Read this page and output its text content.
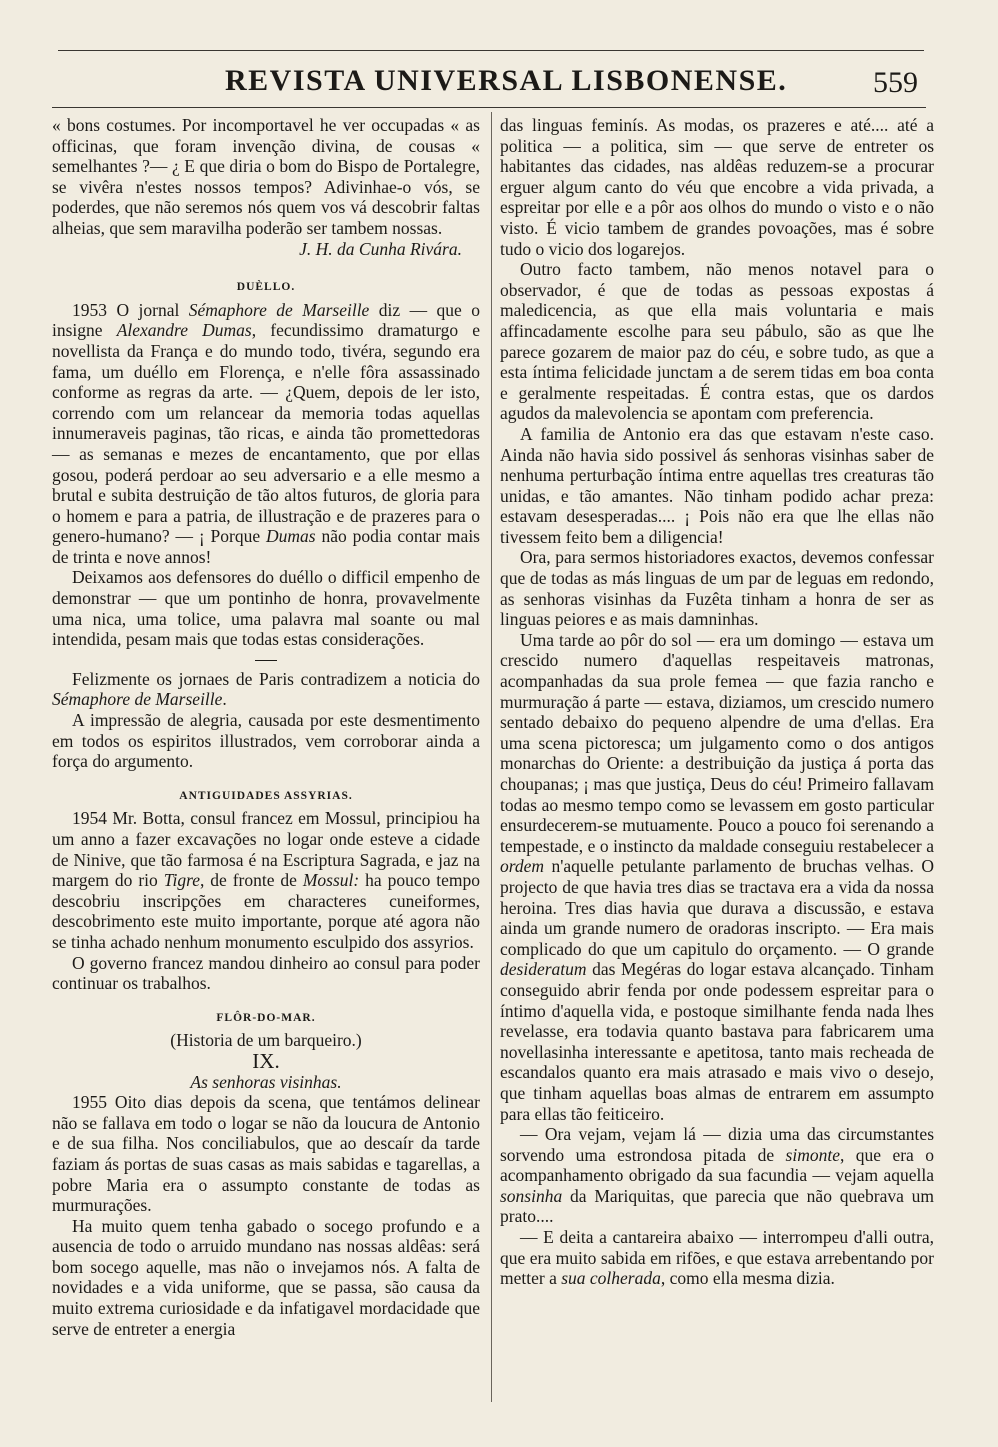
REVISTA UNIVERSAL LISBONENSE.	559

« bons costumes. Por incomportavel he ver occupadas « as officinas, que foram invenção divina, de cousas « semelhantes ?— ¿ E que diria o bom do Bispo de Portalegre, se vivêra n'estes nossos tempos? Adivinhae-o vós, se poderdes, que não seremos nós quem vos vá descobrir faltas alheias, que sem maravilha poderão ser tambem nossas.

J. H. da Cunha Rivára.

DUÈLLO.

1953 O jornal Sémaphore de Marseille diz — que o insigne Alexandre Dumas, fecundissimo dramaturgo e novellista da França e do mundo todo, tivéra, segundo era fama, um duéllo em Florença, e n'elle fôra assassinado conforme as regras da arte. — ¿Quem, depois de ler isto, correndo com um relancear da memoria todas aquellas innumeraveis paginas, tão ricas, e ainda tão promettedoras — as semanas e mezes de encantamento, que por ellas gosou, poderá perdoar ao seu adversario e a elle mesmo a brutal e subita destruição de tão altos futuros, de gloria para o homem e para a patria, de illustração e de prazeres para o genero-humano? — ¡ Porque Dumas não podia contar mais de trinta e nove annos!

Deixamos aos defensores do duéllo o difficil empenho de demonstrar — que um pontinho de honra, provavelmente uma nica, uma tolice, uma palavra mal soante ou mal intendida, pesam mais que todas estas considerações.

Felizmente os jornaes de Paris contradizem a noticia do Sémaphore de Marseille.

A impressão de alegria, causada por este desmentimento em todos os espiritos illustrados, vem corroborar ainda a força do argumento.

ANTIGUIDADES ASSYRIAS.

1954 Mr. Botta, consul francez em Mossul, principiou ha um anno a fazer excavações no logar onde esteve a cidade de Ninive, que tão farmosa é na Escriptura Sagrada, e jaz na margem do rio Tigre, de fronte de Mossul: ha pouco tempo descobriu inscripções em characteres cuneiformes, descobrimento este muito importante, porque até agora não se tinha achado nenhum monumento esculpido dos assyrios.

O governo francez mandou dinheiro ao consul para poder continuar os trabalhos.

FLÔR-DO-MAR.

(Historia de um barqueiro.)

IX.

As senhoras visinhas.

1955 Oito dias depois da scena, que tentámos delinear não se fallava em todo o logar se não da loucura de Antonio e de sua filha. Nos conciliabulos, que ao descaír da tarde faziam ás portas de suas casas as mais sabidas e tagarellas, a pobre Maria era o assumpto constante de todas as murmurações.

Ha muito quem tenha gabado o socego profundo e a ausencia de todo o arruido mundano nas nossas aldêas: será bom socego aquelle, mas não o invejamos nós. A falta de novidades e a vida uniforme, que se passa, são causa da muito extrema curiosidade e da infatigavel mordacidade que serve de entreter a energia

das linguas feminís. As modas, os prazeres e até.... até a politica — a politica, sim — que serve de entreter os habitantes das cidades, nas aldêas reduzem-se a procurar erguer algum canto do véu que encobre a vida privada, a espreitar por elle e a pôr aos olhos do mundo o visto e o não visto. É vicio tambem de grandes povoações, mas é sobre tudo o vicio dos logarejos.

Outro facto tambem, não menos notavel para o observador, é que de todas as pessoas expostas á maledicencia, as que ella mais voluntaria e mais affincadamente escolhe para seu pábulo, são as que lhe parece gozarem de maior paz do céu, e sobre tudo, as que a esta íntima felicidade junctam a de serem tidas em boa conta e geralmente respeitadas. É contra estas, que os dardos agudos da malevolencia se apontam com preferencia.

A familia de Antonio era das que estavam n'este caso. Ainda não havia sido possivel ás senhoras visinhas saber de nenhuma perturbação íntima entre aquellas tres creaturas tão unidas, e tão amantes. Não tinham podido achar preza: estavam desesperadas.... ¡ Pois não era que lhe ellas não tivessem feito bem a diligencia!

Ora, para sermos historiadores exactos, devemos confessar que de todas as más linguas de um par de leguas em redondo, as senhoras visinhas da Fuzêta tinham a honra de ser as linguas peiores e as mais damninhas.

Uma tarde ao pôr do sol — era um domingo — estava um crescido numero d'aquellas respeitaveis matronas, acompanhadas da sua prole femea — que fazia rancho e murmuração á parte — estava, diziamos, um crescido numero sentado debaixo do pequeno alpendre de uma d'ellas. Era uma scena pictoresca; um julgamento como o dos antigos monarchas do Oriente: a destribuição da justiça á porta das choupanas; ¡ mas que justiça, Deus do céu! Primeiro fallavam todas ao mesmo tempo como se levassem em gosto particular ensurdecerem-se mutuamente. Pouco a pouco foi serenando a tempestade, e o instincto da maldade conseguiu restabelecer a ordem n'aquelle petulante parlamento de bruchas velhas. O projecto de que havia tres dias se tractava era a vida da nossa heroina. Tres dias havia que durava a discussão, e estava ainda um grande numero de oradoras inscripto. — Era mais complicado do que um capitulo do orçamento. — O grande desideratum das Megéras do logar estava alcançado. Tinham conseguido abrir fenda por onde podessem espreitar para o íntimo d'aquella vida, e postoque similhante fenda nada lhes revelasse, era todavia quanto bastava para fabricarem uma novellasinha interessante e apetitosa, tanto mais recheada de escandalos quanto era mais atrasado e mais vivo o desejo, que tinham aquellas boas almas de entrarem em assumpto para ellas tão feiticeiro.

— Ora vejam, vejam lá — dizia uma das circumstantes sorvendo uma estrondosa pitada de simonte, que era o acompanhamento obrigado da sua facundia — vejam aquella sonsinha da Mariquitas, que parecia que não quebrava um prato....

— E deita a cantareira abaixo — interrompeu d'alli outra, que era muito sabida em rifões, e que estava arrebentando por metter a sua colherada, como ella mesma dizia.
